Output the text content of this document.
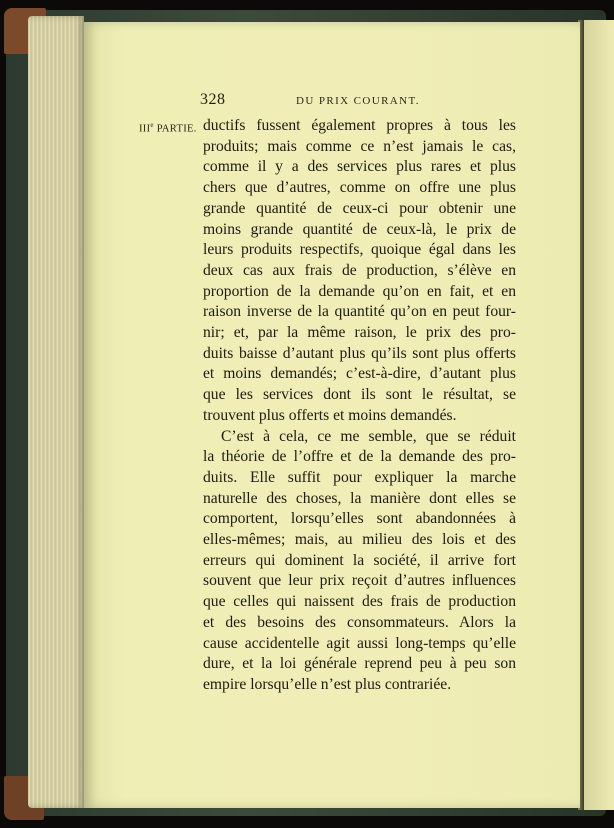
328	DU PRIX COURANT.
IIIe PARTIE. ductifs fussent également propres à tous les
produits; mais comme ce n’est jamais le cas,
comme il y a des services plus rares et plus
chers que d’autres, comme on offre une plus
grande quantité de ceux-ci pour obtenir une
moins grande quantité de ceux-là, le prix de
leurs produits respectifs, quoique égal dans les
deux cas aux frais de production, s’élève en
proportion de la demande qu’on en fait, et en
raison inverse de la quantité qu’on en peut four-
nir; et, par la même raison, le prix des pro-
duits baisse d’autant plus qu’ils sont plus offerts
et moins demandés; c’est-à-dire, d’autant plus
que les services dont ils sont le résultat, se
trouvent plus offerts et moins demandés.
C’est à cela, ce me semble, que se réduit
la théorie de l’offre et de la demande des pro-
duits. Elle suffit pour expliquer la marche
naturelle des choses, la manière dont elles se
comportent, lorsqu’elles sont abandonnées à
elles-mêmes; mais, au milieu des lois et des
erreurs qui dominent la société, il arrive fort
souvent que leur prix reçoit d’autres influences
que celles qui naissent des frais de production
et des besoins des consommateurs. Alors la
cause accidentelle agit aussi long-temps qu’elle
dure, et la loi générale reprend peu à peu son
empire lorsqu’elle n’est plus contrariée.
